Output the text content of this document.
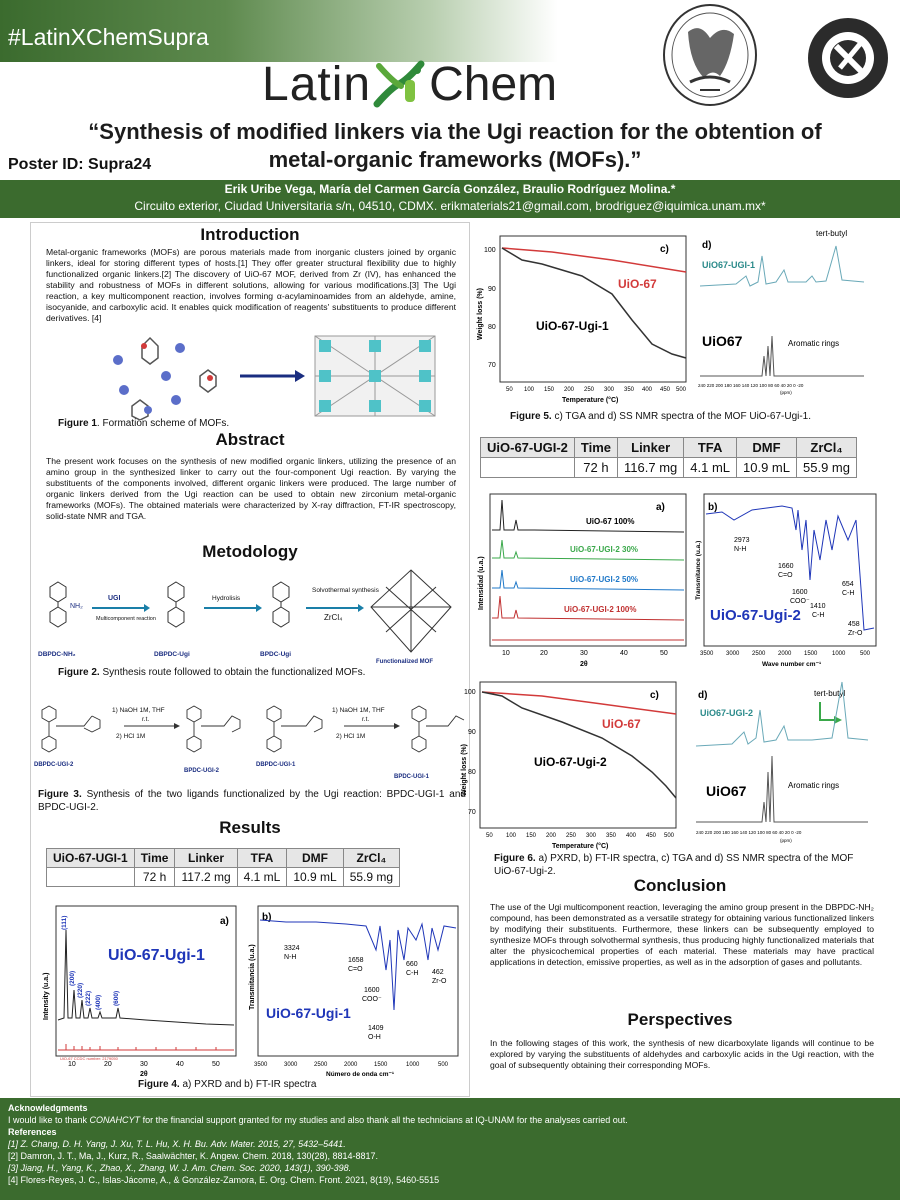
#LatinXChemSupra
Latin Chem
“Synthesis of modified linkers via the Ugi reaction for the obtention of
metal-organic frameworks (MOFs).”
Poster ID: Supra24
Erik Uribe Vega, María del Carmen García González, Braulio Rodríguez Molina.*
Circuito exterior, Ciudad Universitaria s/n, 04510, CDMX. erikmaterials21@gmail.com, brodriguez@iquimica.unam.mx*
Introduction
Metal-organic frameworks (MOFs) are porous materials made from inorganic clusters joined by organic linkers, ideal for storing different types of hosts.[1] They offer greater structural flexibility due to highly functionalized organic linkers.[2] The discovery of UiO-67 MOF, derived from Zr (IV), has enhanced the stability and robustness of MOFs in different solutions, allowing for various modifications.[3] The Ugi reaction, a key multicomponent reaction, involves forming α-acylaminoamides from an aldehyde, amine, isocyanide, and carboxylic acid. It enables quick modification of reagents' substituents to produce different derivatives. [4]
Figure 1. Formation scheme of MOFs.
Abstract
The present work focuses on the synthesis of new modified organic linkers, utilizing the presence of an amino group in the synthesized linker to carry out the four-component Ugi reaction. By varying the substituents of the components involved, different organic linkers were produced. The large number of organic linkers derived from the Ugi reaction can be used to obtain new zirconium metal-organic frameworks (MOFs). The obtained materials were characterized by X-ray diffraction, FT-IR spectroscopy, solid-state NMR and TGA.
Metodology
NH₂
UGI
Multicomponent reaction
Hydrolisis
Solvothermal synthesis
ZrCl₄
DBPDC-NH₂	DBPDC-Ugi	BPDC-Ugi
Functionalized MOF
Figure 2. Synthesis route followed to obtain the functionalized MOFs.
1) NaOH 1M, THF
r.t.
2) HCl 1M
1) NaOH 1M, THF
r.t.
2) HCl 1M
DBPDC-UGI-2
BPDC-UGI-2
DBPDC-UGI-1
BPDC-UGI-1
Figure 3. Synthesis of the two ligands functionalized by the Ugi reaction: BPDC-UGI-1 and BPDC-UGI-2.
Results
UiO-67-UGI-1	Time	Linker	TFA	DMF	ZrCl₄
	72 h	117.2 mg	4.1 mL	10.9 mL	55.9 mg
Intensity (u.a.)
a)
UiO-67-Ugi-1
UiO-67 CCDC number: 2179050
(111)
(200)
(220)
(222) (400) (600)
10	20	30	40	50
2θ
Transmitancia (u.a.)
b)
UiO-67-Ugi-1
3324
N-H	1658
C=O
1600
COO⁻
1409
O-H
660
C-H 462
Zr-O
3500	3000	2500	2000	1500	1000	500
Número de onda cm⁻¹
Figure 4. a) PXRD and b) FT-IR spectra
Weight loss (%)
100
90
80
70
c)
UiO-67
UiO-67-Ugi-1
50 100 150 200 250 300 350 400 450 500
Temperature (°C)
d)
tert-butyl
UiO67-UGI-1
UiO67	Aromatic rings
240 220 200 180 160 140 120 100 80 60 40 20 0 -20
(ppm)
Figure 5. c) TGA and d) SS NMR spectra of the MOF UiO-67-Ugi-1.
UiO-67-UGI-2	Time	Linker	TFA	DMF	ZrCl₄
	72 h	116.7 mg	4.1 mL	10.9 mL	55.9 mg
Intensidad (u.a.)
a)
UiO-67 100%
UiO-67-UGI-2 30%
UiO-67-UGI-2 50%
UiO-67-UGI-2 100%
10	20	30	40	50
2θ
Transmitance (u.a.)
b)
UiO-67-Ugi-2
2973
N-H
1660
C=O
1600
COO⁻
1410
C-H
654
C-H
458
Zr-O
3500 3000 2500 2000 1500 1000 500
Wave number cm⁻¹
Weight loss (%)
100
90
80
70
c)
UiO-67
UiO-67-Ugi-2
50 100 150 200 250 300 350 400 450 500
Temperature (°C)
d)	tert-butyl
UiO67-UGI-2
UiO67	Aromatic rings
240 220 200 180 160 140 120 100 80 60 40 20 0 -20
(ppm)
Figure 6. a) PXRD, b) FT-IR spectra, c) TGA and d) SS NMR spectra of the MOF UiO-67-Ugi-2.
Conclusion
The use of the Ugi multicomponent reaction, leveraging the amino group present in the DBPDC-NH₂ compound, has been demonstrated as a versatile strategy for obtaining various functionalized linkers by modifying their substituents. Furthermore, these linkers can be subsequently employed to synthesize MOFs through solvothermal synthesis, thus producing highly functionalized materials that alter the physicochemical properties of each material. These materials may have practical applications in detection, emissive properties, as well as in the adsorption of gases and pollutants.
Perspectives
In the following stages of this work, the synthesis of new dicarboxylate ligands will continue to be explored by varying the substituents of aldehydes and carboxylic acids in the Ugi reaction, with the goal of subsequently obtaining their corresponding MOFs.
Acknowledgments
I would like to thank CONAHCYT for the financial support granted for my studies and also thank all the technicians at IQ-UNAM for the analyses carried out.
References
[1] Z. Chang, D. H. Yang, J. Xu, T. L. Hu, X. H. Bu. Adv. Mater. 2015, 27, 5432–5441.
[2] Damron, J. T., Ma, J., Kurz, R., Saalwächter, K. Angew. Chem. 2018, 130(28), 8814-8817.
[3] Jiang, H., Yang, K., Zhao, X., Zhang, W. J. Am. Chem. Soc. 2020, 143(1), 390-398.
[4] Flores-Reyes, J. C., Islas-Jácome, A., & González-Zamora, E. Org. Chem. Front. 2021, 8(19), 5460-5515
